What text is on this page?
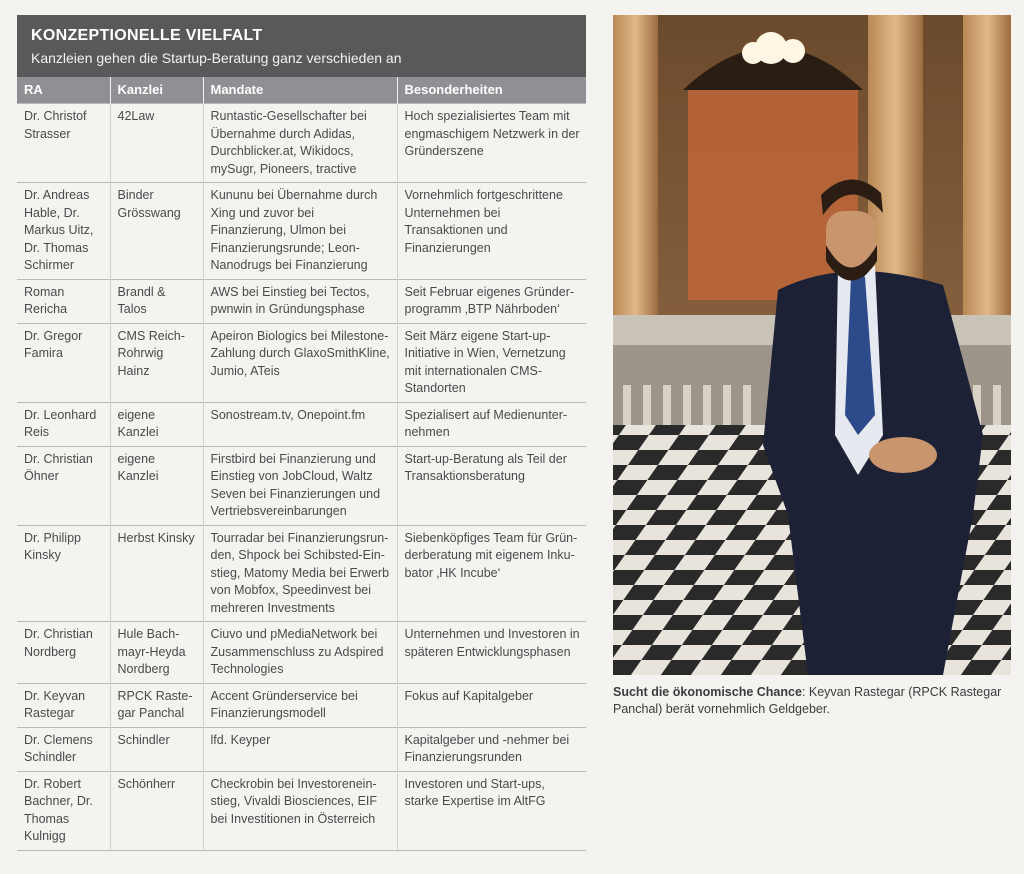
KONZEPTIONELLE VIELFALT
Kanzleien gehen die Startup-Beratung ganz verschieden an
RA	Kanzlei	Mandate	Besonderheiten
Dr. Christof Strasser	42Law	Runtastic-Gesellschafter bei Übernahme durch Adidas, Durchblicker.at, Wikidocs, mySugr, Pioneers, tractive	Hoch spezialisiertes Team mit engmaschigem Netzwerk in der Gründerszene
Dr. Andreas Hable, Dr. Markus Uitz, Dr. Thomas Schirmer	Binder Grösswang	Kununu bei Übernahme durch Xing und zuvor bei Finanzierung, Ulmon bei Finanzierungsrunde; Leon-Nanodrugs bei Finanzierung	Vornehmlich fortgeschrittene Unternehmen bei Transaktionen und Finanzierungen
Roman Rericha	Brandl & Talos	AWS bei Einstieg bei Tectos, pwnwin in Gründungsphase	Seit Februar eigenes Gründerprogramm ‚BTP Nährboden‘
Dr. Gregor Famira	CMS Reich-Rohrwig Hainz	Apeiron Biologics bei Milestone-Zahlung durch GlaxoSmithKline, Jumio, ATeis	Seit März eigene Start-up-Initiative in Wien, Vernetzung mit internationalen CMS-Standorten
Dr. Leonhard Reis	eigene Kanzlei	Sonostream.tv, Onepoint.fm	Spezialisert auf Medienunternehmen
Dr. Christian Öhner	eigene Kanzlei	Firstbird bei Finanzierung und Einstieg von JobCloud, Waltz Seven bei Finanzierungen und Vertriebsvereinbarungen	Start-up-Beratung als Teil der Transaktionsberatung
Dr. Philipp Kinsky	Herbst Kinsky	Tourradar bei Finanzierungsrunden, Shpock bei Schibsted-Einstieg, Matomy Media bei Erwerb von Mobfox, Speedinvest bei mehreren Investments	Siebenköpfiges Team für Gründerberatung mit eigenem Inkubator ‚HK Incube‘
Dr. Christian Nordberg	Hule Bachmayr-Heyda Nordberg	Ciuvo und pMediaNetwork bei Zusammenschluss zu Adspired Technologies	Unternehmen und Investoren in späteren Entwicklungsphasen
Dr. Keyvan Rastegar	RPCK Rastegar Panchal	Accent Gründerservice bei Finanzierungsmodell	Fokus auf Kapitalgeber
Dr. Clemens Schindler	Schindler	lfd. Keyper	Kapitalgeber und -nehmer bei Finanzierungsrunden
Dr. Robert Bachner, Dr. Thomas Kulnigg	Schönherr	Checkrobin bei Investoreneinstieg, Vivaldi Biosciences, EIF bei Investitionen in Österreich	Investoren und Start-ups, starke Expertise im AltFG
Sucht die ökonomische Chance: Keyvan Rastegar (RPCK Rastegar Panchal) berät vornehmlich Geldgeber.
